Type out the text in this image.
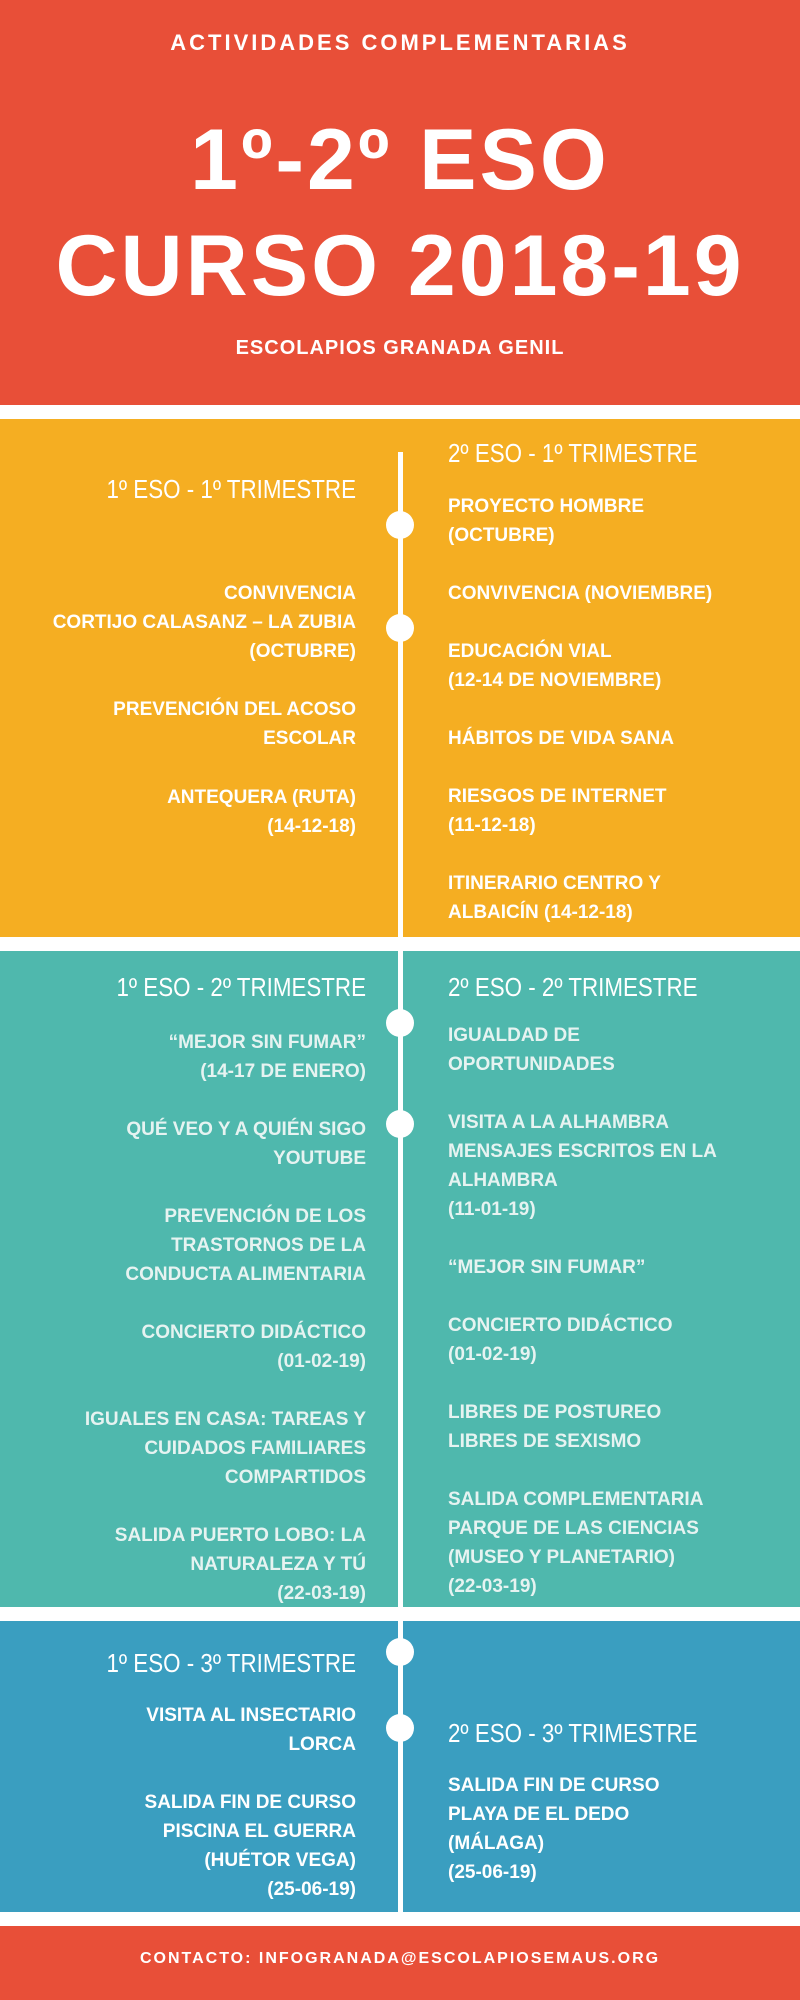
ACTIVIDADES COMPLEMENTARIAS
1º-2º ESO
CURSO 2018-19
ESCOLAPIOS GRANADA GENIL
1º ESO - 1º TRIMESTRE
CONVIVENCIA
CORTIJO CALASANZ – LA ZUBIA
(OCTUBRE)
PREVENCIÓN DEL ACOSO
ESCOLAR
ANTEQUERA (RUTA)
(14-12-18)
2º ESO - 1º TRIMESTRE
PROYECTO HOMBRE
(OCTUBRE)
CONVIVENCIA (NOVIEMBRE)
EDUCACIÓN VIAL
(12-14 DE NOVIEMBRE)
HÁBITOS DE VIDA SANA
RIESGOS DE INTERNET
(11-12-18)
ITINERARIO CENTRO Y
ALBAICÍN (14-12-18)
1º ESO - 2º TRIMESTRE
“MEJOR SIN FUMAR”
(14-17 DE ENERO)
QUÉ VEO Y A QUIÉN SIGO
YOUTUBE
PREVENCIÓN DE LOS
TRASTORNOS DE LA
CONDUCTA ALIMENTARIA
CONCIERTO DIDÁCTICO
(01-02-19)
IGUALES EN CASA: TAREAS Y
CUIDADOS FAMILIARES
COMPARTIDOS
SALIDA PUERTO LOBO: LA
NATURALEZA Y TÚ
(22-03-19)
2º ESO - 2º TRIMESTRE
IGUALDAD DE
OPORTUNIDADES
VISITA A LA ALHAMBRA
MENSAJES ESCRITOS EN LA
ALHAMBRA
(11-01-19)
“MEJOR SIN FUMAR”
CONCIERTO DIDÁCTICO
(01-02-19)
LIBRES DE POSTUREO
LIBRES DE SEXISMO
SALIDA COMPLEMENTARIA
PARQUE DE LAS CIENCIAS
(MUSEO Y PLANETARIO)
(22-03-19)
1º ESO - 3º TRIMESTRE
VISITA AL INSECTARIO
LORCA
SALIDA FIN DE CURSO
PISCINA EL GUERRA
(HUÉTOR VEGA)
(25-06-19)
2º ESO - 3º TRIMESTRE
SALIDA FIN DE CURSO
PLAYA DE EL DEDO
(MÁLAGA)
(25-06-19)
CONTACTO: INFOGRANADA@ESCOLAPIOSEMAUS.ORG
